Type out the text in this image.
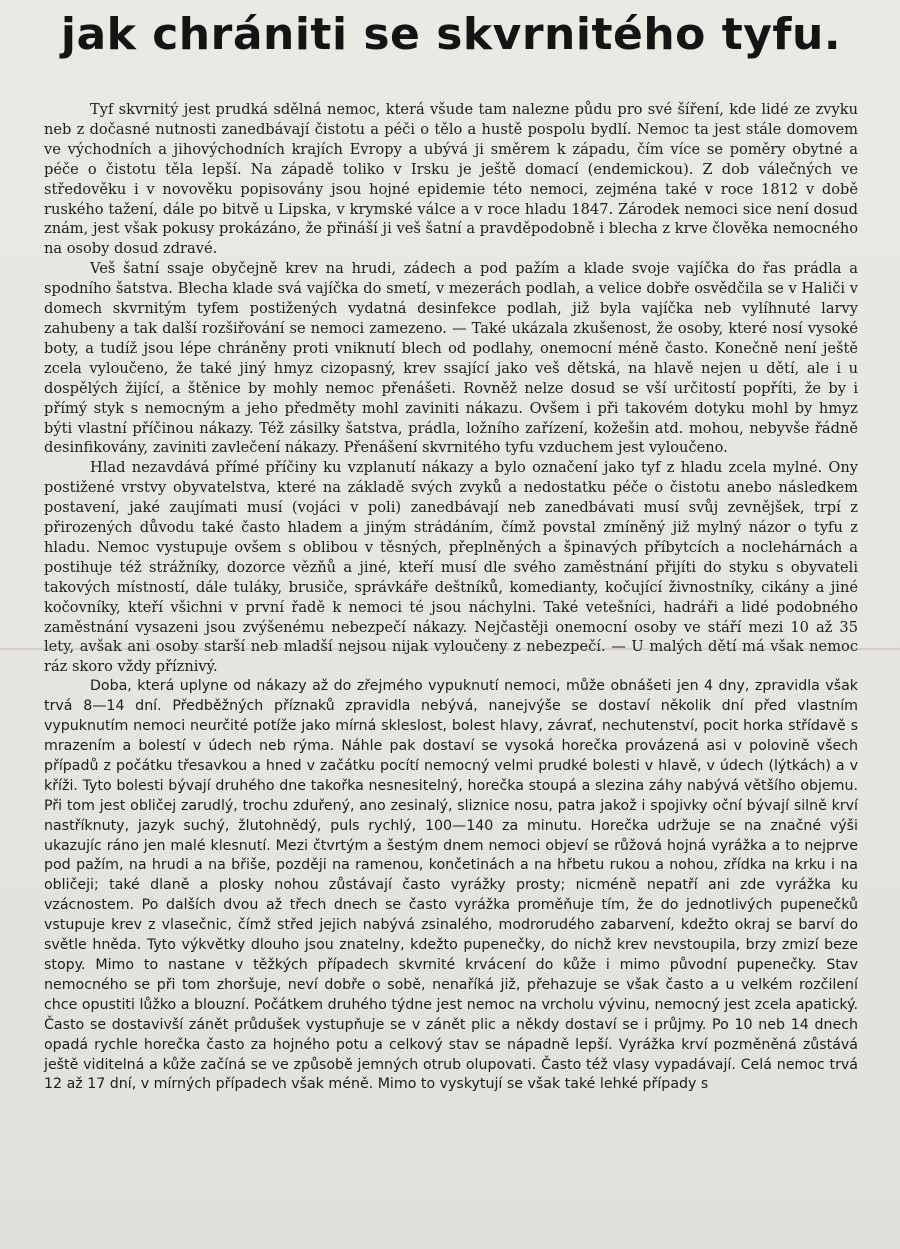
jak chrániti se skvrnitého tyfu.

Tyf skvrnitý jest prudká sdělná nemoc, která všude tam nalezne půdu pro své šíření, kde lidé ze zvyku neb z dočasné nutnosti zanedbávají čistotu a péči o tělo a hustě pospolu bydlí. Nemoc ta jest stále domovem ve východních a jihovýchodních krajích Evropy a ubývá ji směrem k západu, čím více se poměry obytné a péče o čistotu těla lepší. Na západě toliko v Irsku je ještě domací (endemickou). Z dob válečných ve středověku i v novověku popisovány jsou hojné epidemie této nemoci, zejména také v roce 1812 v době ruského tažení, dále po bitvě u Lipska, v krymské válce a v roce hladu 1847. Zárodek nemoci sice není dosud znám, jest však pokusy prokázáno, že přináší ji veš šatní a pravděpodobně i blecha z krve člověka nemocného na osoby dosud zdravé.

Veš šatní ssaje obyčejně krev na hrudi, zádech a pod pažím a klade svoje vajíčka do řas prádla a spodního šatstva. Blecha klade svá vajíčka do smetí, v mezerách podlah, a velice dobře osvědčila se v Haliči v domech skvrnitým tyfem postižených vydatná desinfekce podlah, již byla vajíčka neb vylíhnuté larvy zahubeny a tak další rozšiřování se nemoci zamezeno. — Také ukázala zkušenost, že osoby, které nosí vysoké boty, a tudíž jsou lépe chráněny proti vniknutí blech od podlahy, onemocní méně často. Konečně není ještě zcela vyloučeno, že také jiný hmyz cizopasný, krev ssající jako veš dětská, na hlavě nejen u dětí, ale i u dospělých žijící, a štěnice by mohly nemoc přenášeti. Rovněž nelze dosud se vší určitostí popříti, že by i přímý styk s nemocným a jeho předměty mohl zaviniti nákazu. Ovšem i při takovém dotyku mohl by hmyz býti vlastní příčinou nákazy. Též zásilky šatstva, prádla, ložního zařízení, kožešin atd. mohou, nebyvše řádně desinfikovány, zaviniti zavlečení nákazy. Přenášení skvrnitého tyfu vzduchem jest vyloučeno.

Hlad nezavdává přímé příčiny ku vzplanutí nákazy a bylo označení jako tyf z hladu zcela mylné. Ony postižené vrstvy obyvatelstva, které na základě svých zvyků a nedostatku péče o čistotu anebo následkem postavení, jaké zaujímati musí (vojáci v poli) zanedbávají neb zanedbávati musí svůj zevnějšek, trpí z přirozených důvodu také často hladem a jiným strádáním, čímž povstal zmíněný již mylný názor o tyfu z hladu. Nemoc vystupuje ovšem s oblibou v těsných, přeplněných a špinavých příbytcích a noclehárnách a postihuje též strážníky, dozorce vězňů a jiné, kteří musí dle svého zaměstnání přijíti do styku s obyvateli takových místností, dále tuláky, brusiče, správkáře deštníků, komedianty, kočující živnostníky, cikány a jiné kočovníky, kteří všichni v první řadě k nemoci té jsou náchylni. Také vetešníci, hadráři a lidé podobného zaměstnání vysazeni jsou zvýšenému nebezpečí nákazy. Nejčastěji onemocní osoby ve stáří mezi 10 až 35 lety, avšak ani osoby starší neb mladší nejsou nijak vyloučeny z nebezpečí. — U malých dětí má však nemoc ráz skoro vždy příznivý.

Doba, která uplyne od nákazy až do zřejmého vypuknutí nemoci, může obnášeti jen 4 dny, zpravidla však trvá 8—14 dní. Předběžných příznaků zpravidla nebývá, nanejvýše se dostaví několik dní před vlastním vypuknutím nemoci neurčité potíže jako mírná skleslost, bolest hlavy, závrať, nechutenství, pocit horka střídavě s mrazením a bolestí v údech neb rýma. Náhle pak dostaví se vysoká horečka provázená asi v polovině všech případů z počátku třesavkou a hned v začátku pocítí nemocný velmi prudké bolesti v hlavě, v údech (lýtkách) a v kříži. Tyto bolesti bývají druhého dne takořka nesnesitelný, horečka stoupá a slezina záhy nabývá většího objemu. Při tom jest obličej zarudlý, trochu zduřený, ano zesinalý, sliznice nosu, patra jakož i spojivky oční bývají silně krví nastříknuty, jazyk suchý, žlutohnědý, puls rychlý, 100—140 za minutu. Horečka udržuje se na značné výši ukazujíc ráno jen malé klesnutí. Mezi čtvrtým a šestým dnem nemoci objeví se růžová hojná vyrážka a to nejprve pod pažím, na hrudi a na břiše, později na ramenou, končetinách a na hřbetu rukou a nohou, zřídka na krku i na obličeji; také dlaně a plosky nohou zůstávají často vyrážky prosty; nicméně nepatří ani zde vyrážka ku vzácnostem. Po dalších dvou až třech dnech se často vyrážka proměňuje tím, že do jednotlivých pupenečků vstupuje krev z vlasečnic, čímž střed jejich nabývá zsinalého, modrorudého zabarvení, kdežto okraj se barví do světle hněda. Tyto výkvětky dlouho jsou znatelny, kdežto pupenečky, do nichž krev nevstoupila, brzy zmizí beze stopy. Mimo to nastane v těžkých případech skvrnité krvácení do kůže i mimo původní pupenečky. Stav nemocného se při tom zhoršuje, neví dobře o sobě, nenaříká již, přehazuje se však často a u velkém rozčilení chce opustiti lůžko a blouzní. Počátkem druhého týdne jest nemoc na vrcholu vývinu, nemocný jest zcela apatický. Často se dostavivší zánět průdušek vystupňuje se v zánět plic a někdy dostaví se i průjmy. Po 10 neb 14 dnech opadá rychle horečka často za hojného potu a celkový stav se nápadně lepší. Vyrážka krví pozměněná zůstává ještě viditelná a kůže začíná se ve způsobě jemných otrub olupovati. Často též vlasy vypadávají. Celá nemoc trvá 12 až 17 dní, v mírných případech však méně. Mimo to vyskytují se však také lehké případy s
